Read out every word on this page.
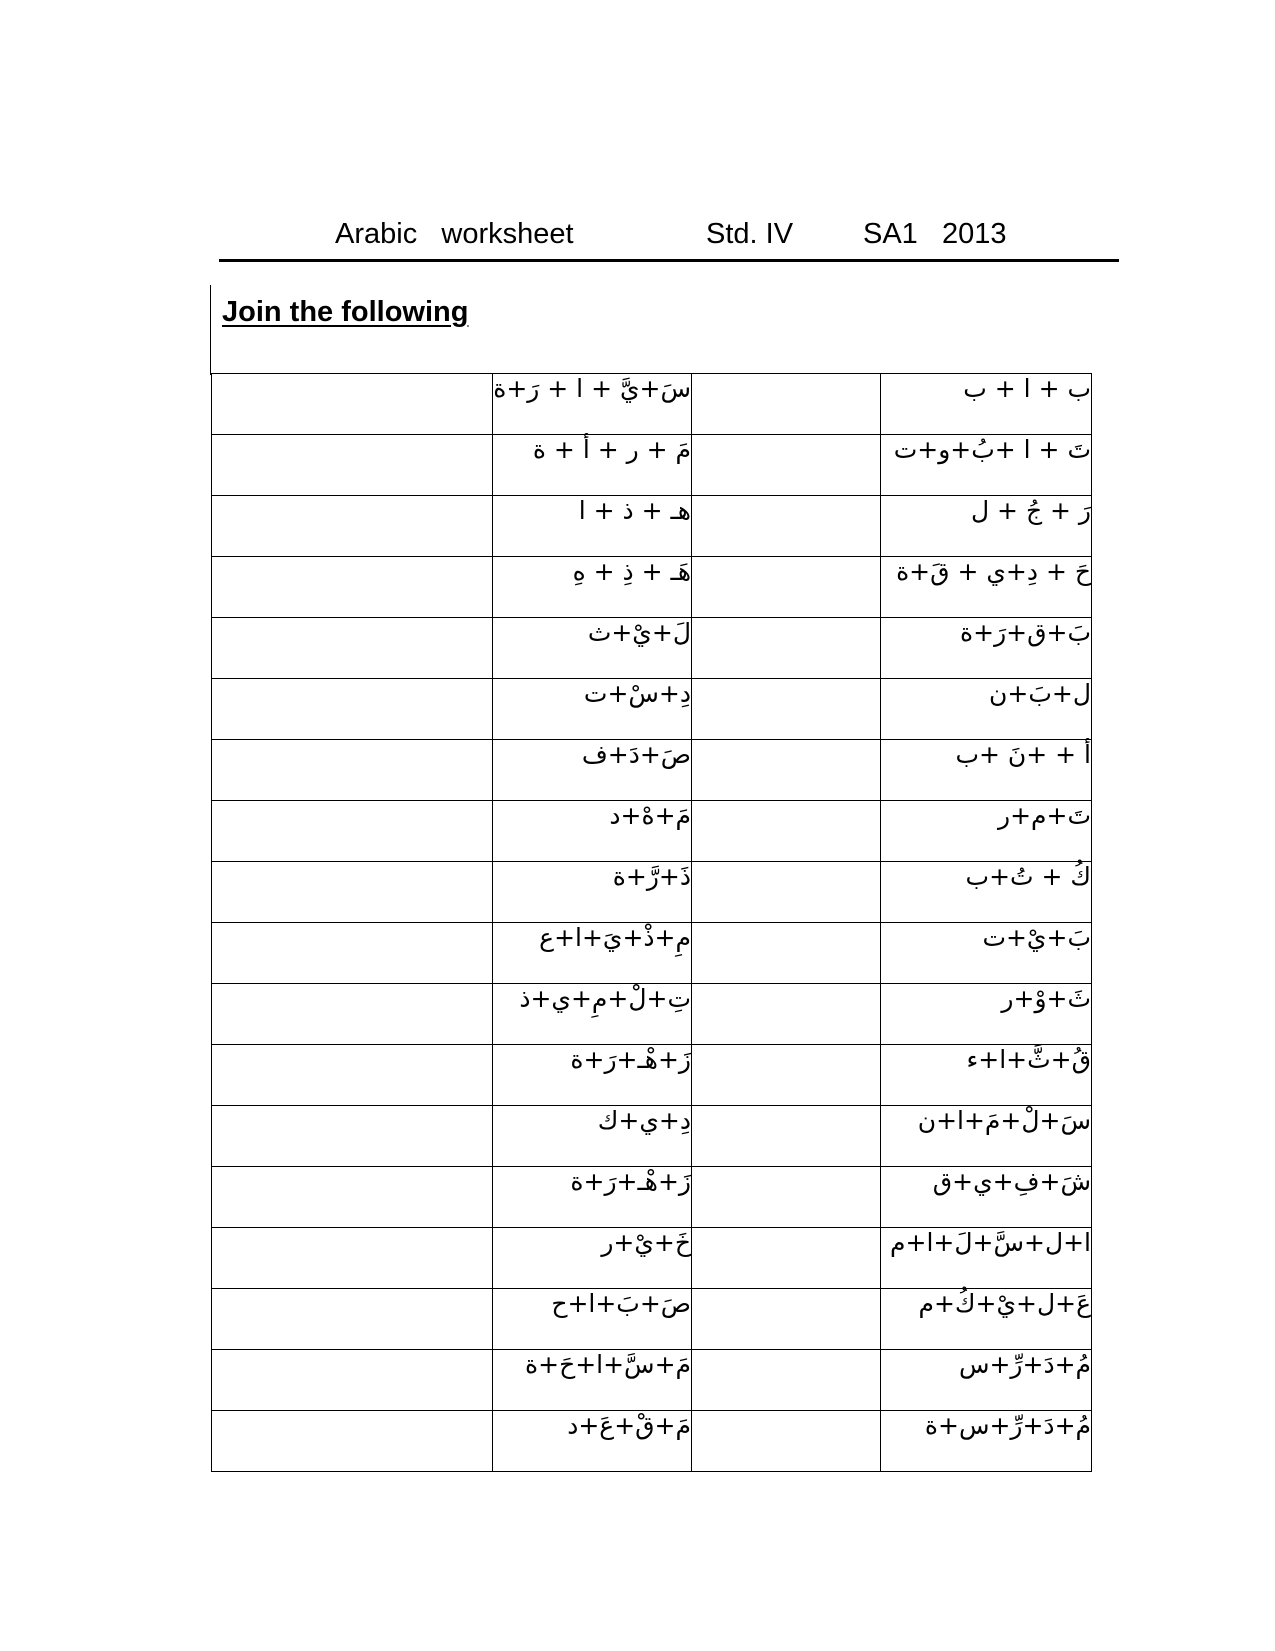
Arabic   worksheet	Std. IV SA1   2013
Join the following
	سَ+يَّ + ا + رَ+ة		ب + ا + ب
	مَ + ر + أ + ة		تَ + ا +بُ+و+ت
	هـ + ذ + ا		رَ + جُ + ل
	هَـ + ذِ + هِ		حَ + دِ+ي + قَ+ة
	لَ+يْ+ث		بَ+ق+رَ+ة
	دِ+سْ+ت		ل+بَ+ن
	صَ+دَ+ف		أ + +نَ +ب
	مَ+هْ+د		تَ+م+ر
	ذَ+رَّ+ة		كُ + تُ+ب
	مِ+ذْ+يَ+ا+ع		بَ+يْ+ت
	تِ+لْ+مِ+ي+ذ		ثَ+وْ+ر
	زَ+هْـ+رَ+ة		قُ+ثَّ+ا+ء
	دِ+ي+ك		سَ+لْ+مَ+ا+ن
	زَ+هْـ+رَ+ة		شَ+فِ+ي+ق
	خَ+يْ+ر		ا+ل+سَّ+لَ+ا+م
	صَ+بَ+ا+ح		عَ+ل+يْ+كُ+م
	مَ+سَّ+ا+حَ+ة		مُ+دَ+رِّ+س
	مَ+قْ+عَ+د		مُ+دَ+رِّ+س+ة
